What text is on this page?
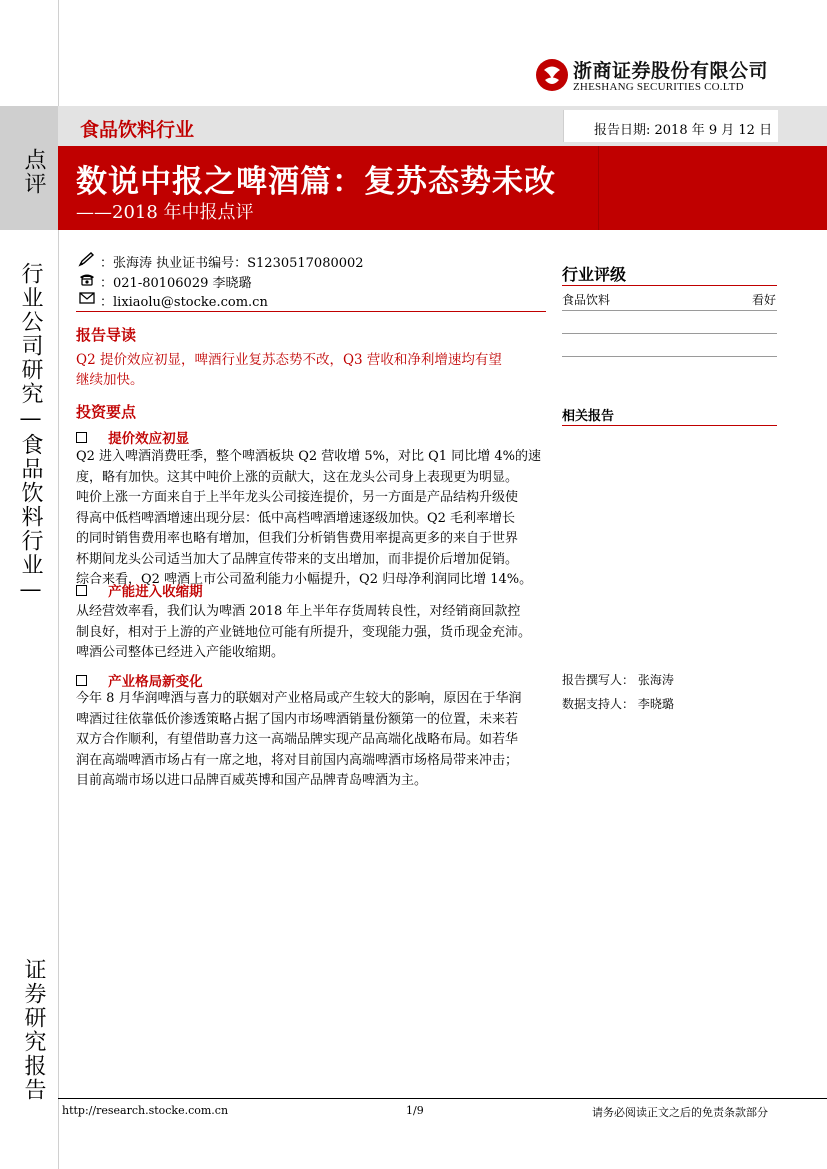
点评
行业公司研究—食品饮料行业—
证券研究报告
浙商证券股份有限公司
ZHESHANG SECURITIES CO.LTD
食品饮料行业	报告日期: 2018 年 9 月 12 日
数说中报之啤酒篇：复苏态势未改
——2018 年中报点评
：张海涛 执业证书编号：S1230517080002
：021-80106029 李晓璐
：lixiaolu@stocke.com.cn
报告导读
Q2 提价效应初显，啤酒行业复苏态势不改，Q3 营收和净利增速均有望
继续加快。
投资要点
提价效应初显
Q2 进入啤酒消费旺季，整个啤酒板块 Q2 营收增 5%，对比 Q1 同比增 4%的速
度，略有加快。这其中吨价上涨的贡献大，这在龙头公司身上表现更为明显。
吨价上涨一方面来自于上半年龙头公司接连提价，另一方面是产品结构升级使
得高中低档啤酒增速出现分层：低中高档啤酒增速逐级加快。Q2 毛利率增长
的同时销售费用率也略有增加，但我们分析销售费用率提高更多的来自于世界
杯期间龙头公司适当加大了品牌宣传带来的支出增加，而非提价后增加促销。
综合来看，Q2 啤酒上市公司盈利能力小幅提升，Q2 归母净利润同比增 14%。
产能进入收缩期
从经营效率看，我们认为啤酒 2018 年上半年存货周转良性，对经销商回款控
制良好，相对于上游的产业链地位可能有所提升，变现能力强，货币现金充沛。
啤酒公司整体已经进入产能收缩期。
产业格局新变化
今年 8 月华润啤酒与喜力的联姻对产业格局或产生较大的影响，原因在于华润
啤酒过往依靠低价渗透策略占据了国内市场啤酒销量份额第一的位置，未来若
双方合作顺利，有望借助喜力这一高端品牌实现产品高端化战略布局。如若华
润在高端啤酒市场占有一席之地，将对目前国内高端啤酒市场格局带来冲击；
目前高端市场以进口品牌百威英博和国产品牌青岛啤酒为主。
行业评级
食品饮料	看好
相关报告
报告撰写人： 张海涛
数据支持人： 李晓璐
http://research.stocke.com.cn	1/9	请务必阅读正文之后的免责条款部分
